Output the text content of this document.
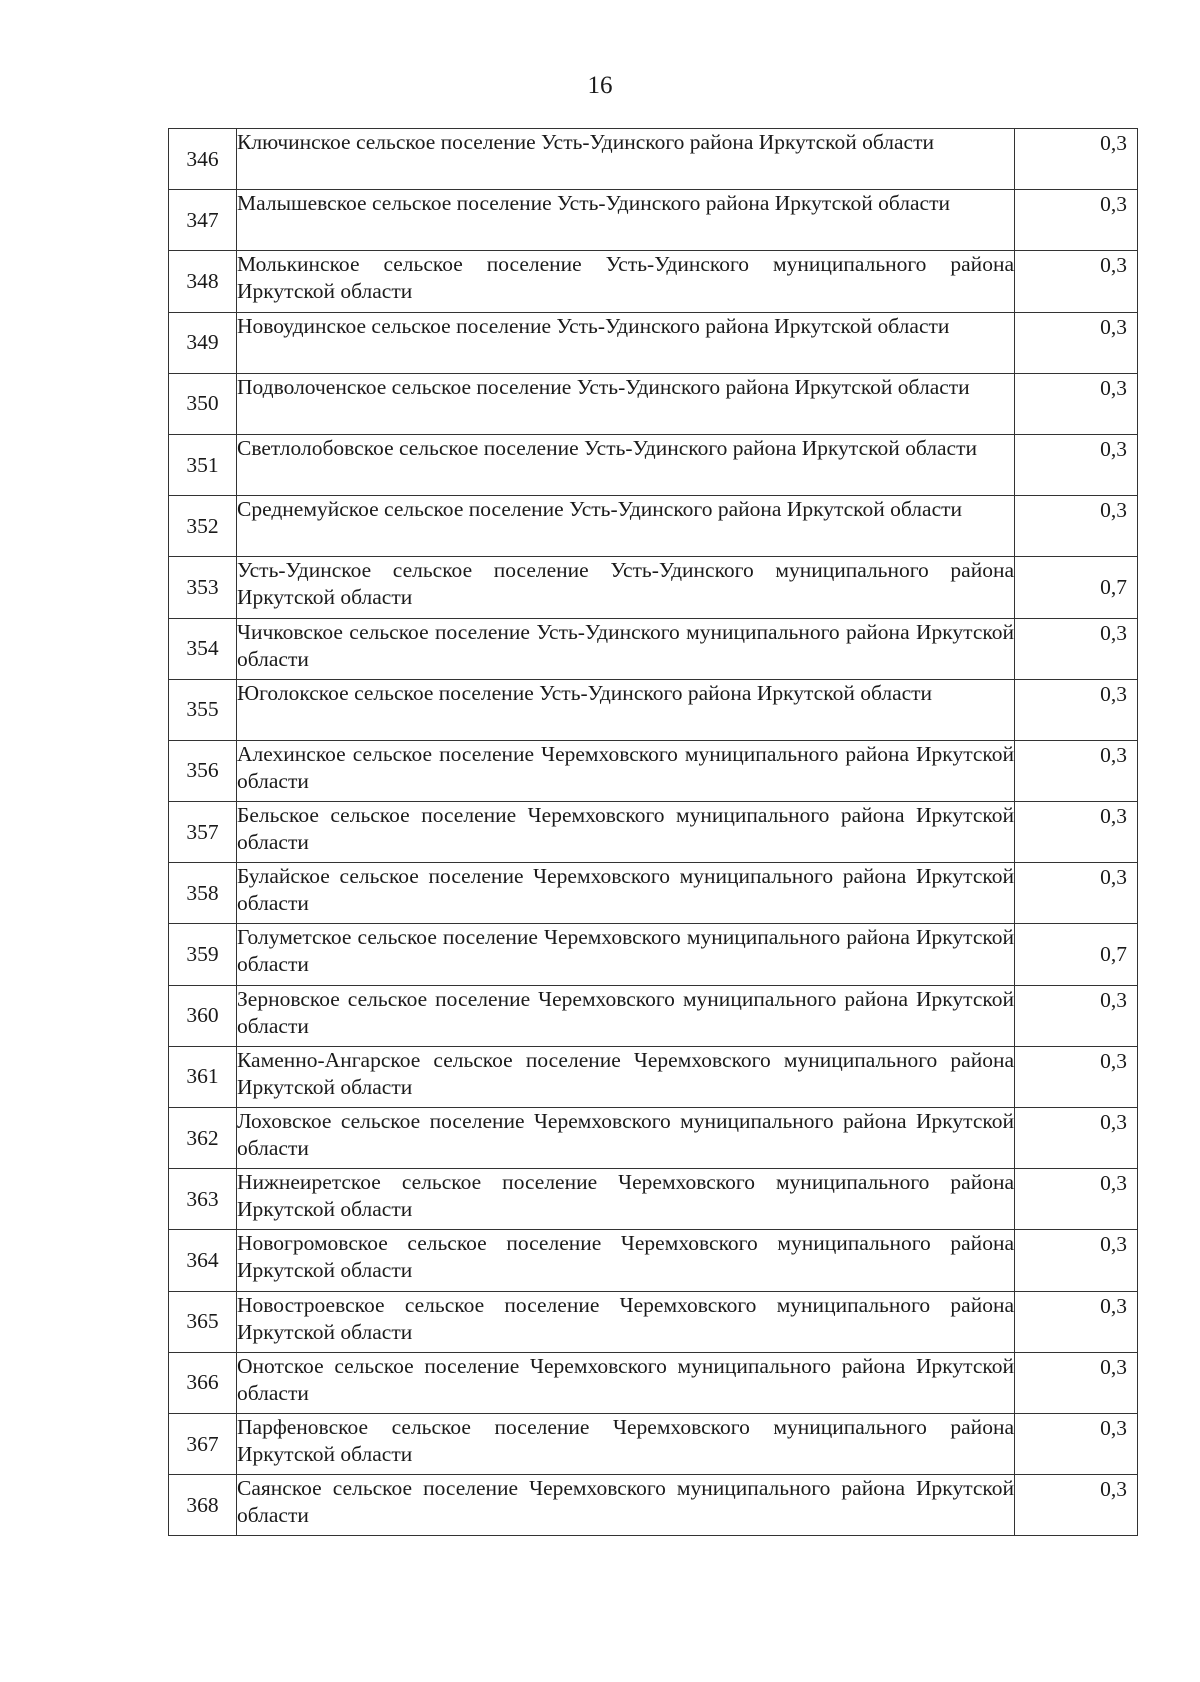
16
346	Ключинское сельское поселение Усть-Удинского района Иркутской области	0,3
347	Малышевское сельское поселение Усть-Удинского района Иркутской области	0,3
348	Молькинское сельское поселение Усть-Удинского муниципального района Иркутской области	0,3
349	Новоудинское сельское поселение Усть-Удинского района Иркутской области	0,3
350	Подволоченское сельское поселение Усть-Удинского района Иркутской области	0,3
351	Светлолобовское сельское поселение Усть-Удинского района Иркутской области	0,3
352	Среднемуйское сельское поселение Усть-Удинского района Иркутской области	0,3
353	Усть-Удинское сельское поселение Усть-Удинского муниципального района Иркутской области	0,7
354	Чичковское сельское поселение Усть-Удинского муниципального района Иркутской области	0,3
355	Юголокское сельское поселение Усть-Удинского района Иркутской области	0,3
356	Алехинское сельское поселение Черемховского муниципального района Иркутской области	0,3
357	Бельское сельское поселение Черемховского муниципального района Иркутской области	0,3
358	Булайское сельское поселение Черемховского муниципального района Иркутской области	0,3
359	Голуметское сельское поселение Черемховского муниципального района Иркутской области	0,7
360	Зерновское сельское поселение Черемховского муниципального района Иркутской области	0,3
361	Каменно-Ангарское сельское поселение Черемховского муниципального района Иркутской области	0,3
362	Лоховское сельское поселение Черемховского муниципального района Иркутской области	0,3
363	Нижнеиретское сельское поселение Черемховского муниципального района Иркутской области	0,3
364	Новогромовское сельское поселение Черемховского муниципального района Иркутской области	0,3
365	Новостроевское сельское поселение Черемховского муниципального района Иркутской области	0,3
366	Онотское сельское поселение Черемховского муниципального района Иркутской области	0,3
367	Парфеновское сельское поселение Черемховского муниципального района Иркутской области	0,3
368	Саянское сельское поселение Черемховского муниципального района Иркутской области	0,3
